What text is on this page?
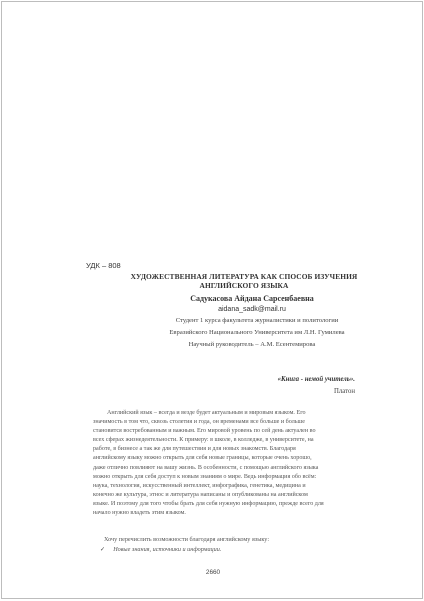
УДК – 808
ХУДОЖЕСТВЕННАЯ ЛИТЕРАТУРА КАК СПОСОБ ИЗУЧЕНИЯ
АНГЛИЙСКОГО ЯЗЫКА
Садукасова Айдана Сарсенбаевна
aidana_sadk@mail.ru
Студент 1 курса факультета журналистики и политологии
Евразийского Национального Университета им Л.Н. Гумилева
Научный руководитель – А.М. Есентемирова
«Книга - немой учитель».
Платон
Английский язык – всегда и везде будет актуальным и мировым языком. Его
значимость в том что, сквозь столетия и года, он временами все больше и больше
становится востребованным и важным. Его мировой уровень по сей день актуален во
всех сферах жизнедеятельности. К примеру: в школе, в колледже, в университете, на
работе, в бизнесе а так же для путешествия и для новых знакомств. Благодаря
английскому языку можно открыть для себя новые границы, которые очень хорошо,
даже отлично повлияют на вашу жизнь. В особенности, с помощью английского языка
можно открыть для себя доступ к новым знаниям о мире. Ведь информация обо всём:
наука, технология, искусственный интеллект, инфографика, генетика, медицина и
конечно же культура, этнос и литература написаны и опубликованы на английском
языке. И поэтому для того чтобы брать для себя нужную информацию, прежде всего для
начало нужно владеть этим языком.
Хочу перечислить возможности благодаря английскому языку:
✓ Новые знания, источники и информации.
2660
